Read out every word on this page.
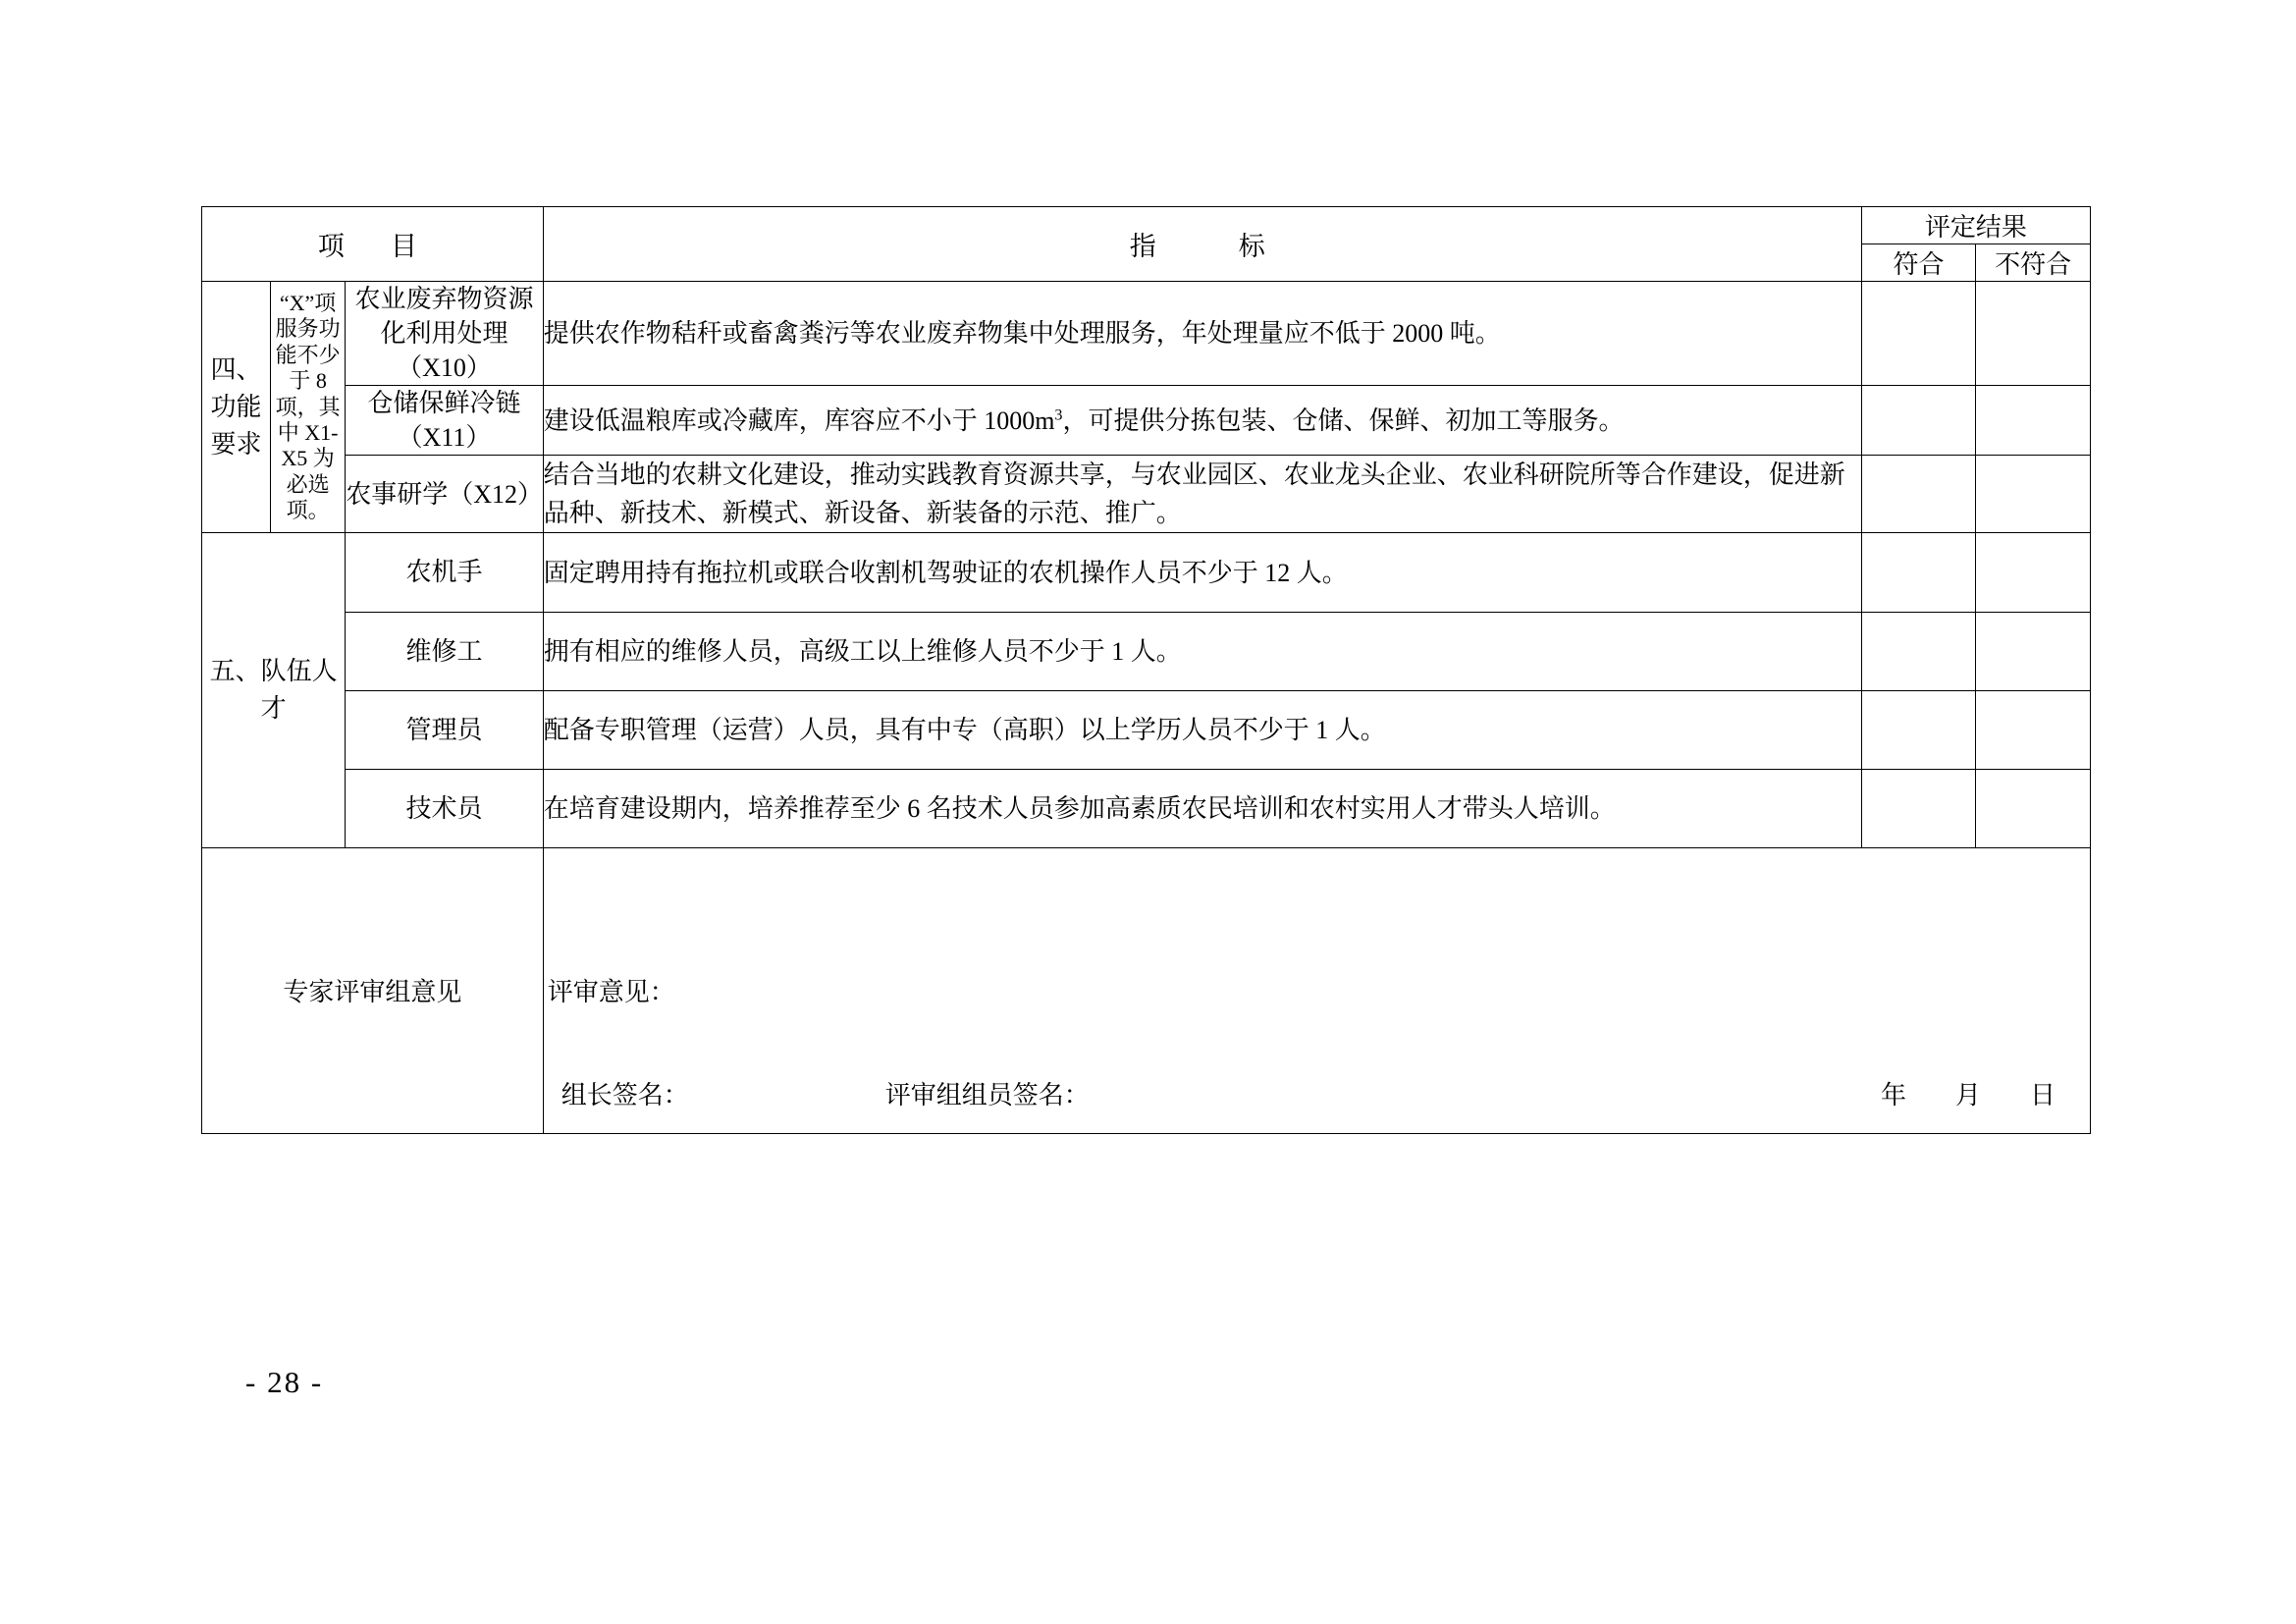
项　目			指　　标	评定结果	
				符合	不符合
四、功能要求	“X”项服务功能不少于 8 项，其中 X1- X5 为必选项。	农业废弃物资源化利用处理（X10）	提供农作物秸秆或畜禽粪污等农业废弃物集中处理服务，年处理量应不低于 2000 吨。		
		仓储保鲜冷链（X11）	建设低温粮库或冷藏库，库容应不小于 $1000m^3$，可提供分拣包装、仓储、保鲜、初加工等服务。		
		农事研学（X12）	结合当地的农耕文化建设，推动实践教育资源共享，与农业园区、农业龙头企业、农业科研院所等合作建设，促进新品种、新技术、新模式、新设备、新装备的示范、推广。		
五、队伍人才		农机手	固定聘用持有拖拉机或联合收割机驾驶证的农机操作人员不少于 12 人。		
		维修工	拥有相应的维修人员，高级工以上维修人员不少于 1 人。		
		管理员	配备专职管理（运营）人员，具有中专（高职）以上学历人员不少于 1 人。		
		技术员	在培育建设期内，培养推荐至少 6 名技术人员参加高素质农民培训和农村实用人才带头人培训。		
专家评审组意见	评审意见：
组长签名：	评审组组员签名：	年	月	日
- 28 -
